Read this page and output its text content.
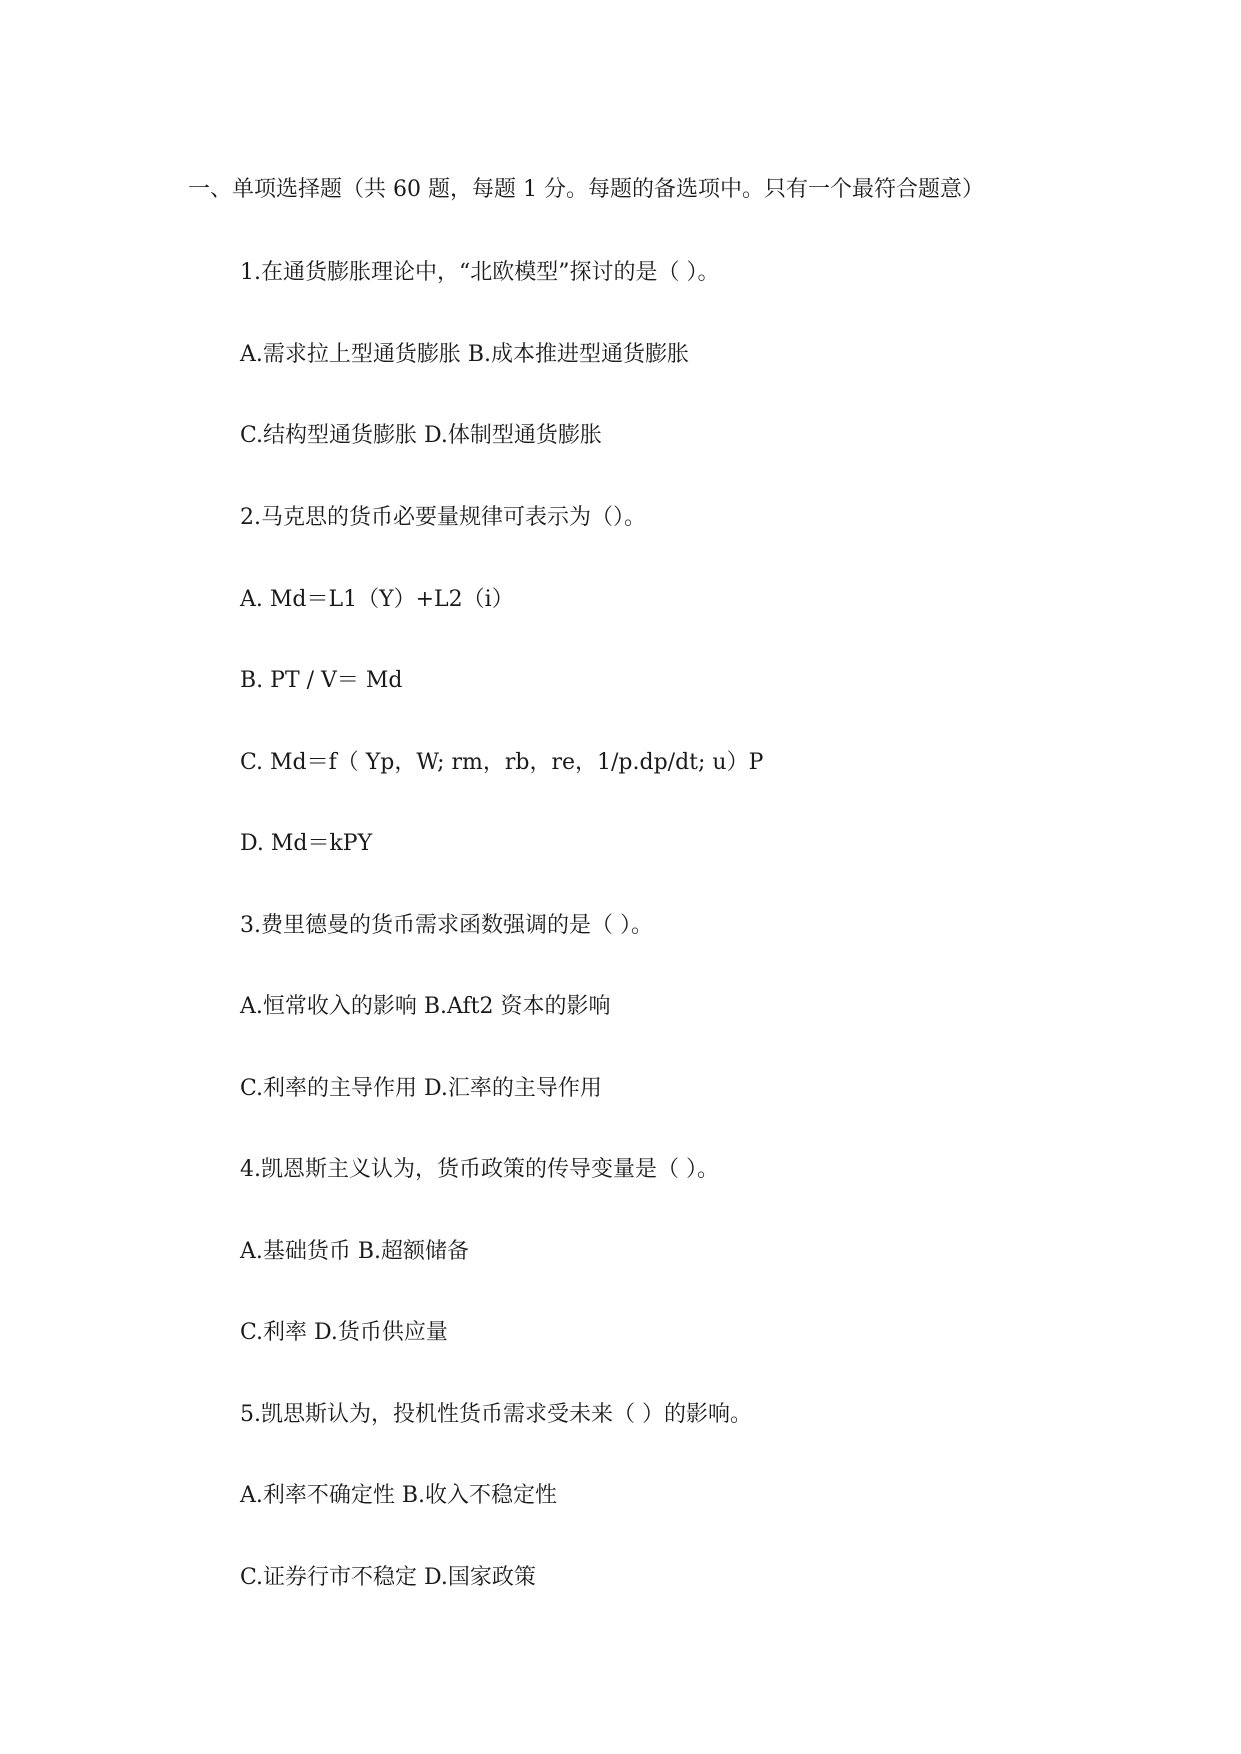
一、单项选择题（共 60 题，每题 1 分。每题的备选项中。只有一个最符合题意）
1.在通货膨胀理论中，“北欧模型”探讨的是（ ）。
A.需求拉上型通货膨胀 B.成本推进型通货膨胀
C.结构型通货膨胀 D.体制型通货膨胀
2.马克思的货币必要量规律可表示为（）。
A. Md＝L1（Y）+L2（i）
B. PT / V＝ Md
C. Md＝f（ Yp，W; rm，rb，re，1/p.dp/dt; u）P
D. Md＝kPY
3.费里德曼的货币需求函数强调的是（ ）。
A.恒常收入的影响 B.Aft2 资本的影响
C.利率的主导作用 D.汇率的主导作用
4.凯恩斯主义认为，货币政策的传导变量是（ ）。
A.基础货币 B.超额储备
C.利率 D.货币供应量
5.凯思斯认为，投机性货币需求受未来（ ）的影响。
A.利率不确定性 B.收入不稳定性
C.证券行市不稳定 D.国家政策
